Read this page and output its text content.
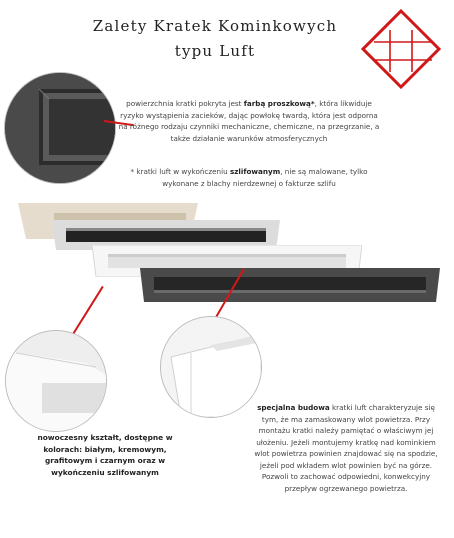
Zalety Kratek Kominkowych
typu Luft
powierzchnia kratki pokryta jest farbą proszkową*, która likwiduje ryzyko wystąpienia zacieków, dając powłokę twardą, która jest odporna na różnego rodzaju czynniki mechaniczne, chemiczne, na przegrzanie, a także działanie warunków atmosferycznych
* kratki luft w wykończeniu szlifowanym, nie są malowane, tylko wykonane z blachy nierdzewnej o fakturze szlifu
nowoczesny kształt, dostępne w kolorach: białym, kremowym, grafitowym i czarnym oraz w wykończeniu szlifowanym
specjalna budowa kratki luft charakteryzuje się tym, że ma zamaskowany wlot powietrza. Przy montażu kratki należy pamiętać o właściwym jej ułożeniu. Jeżeli montujemy kratkę nad kominkiem wlot powietrza powinien znajdować się na spodzie, jeżeli pod wkładem wlot powinien być na górze. Pozwoli to zachować odpowiedni, konwekcyjny przepływ ogrzewanego powietrza.
